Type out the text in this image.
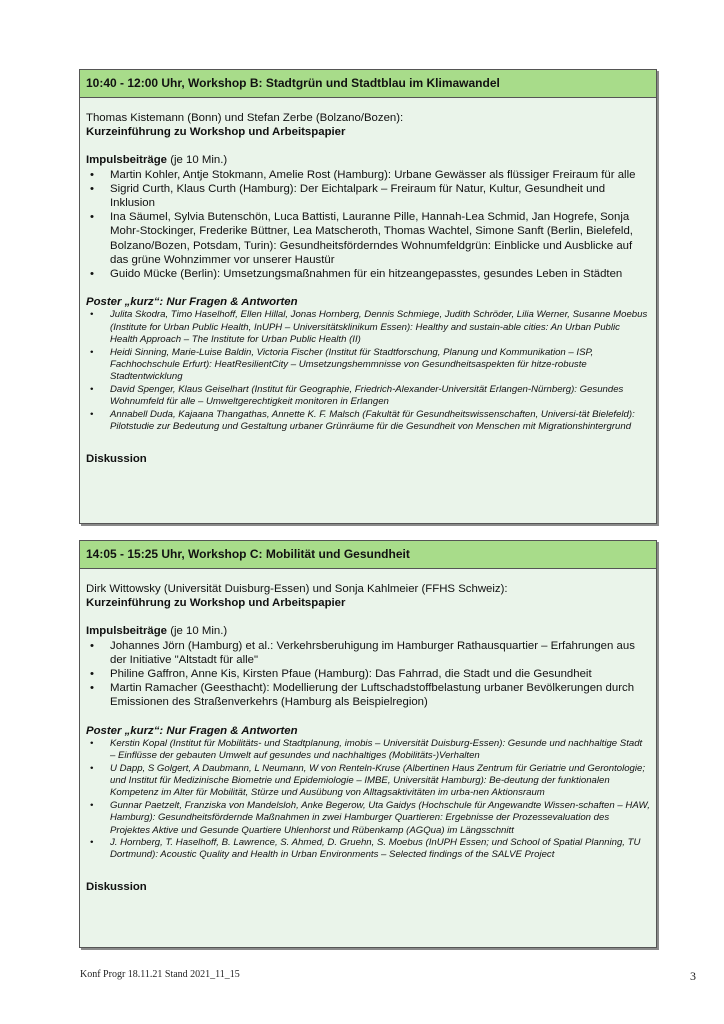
10:40 - 12:00 Uhr, Workshop B: Stadtgrün und Stadtblau im Klimawandel

Thomas Kistemann (Bonn) und Stefan Zerbe (Bolzano/Bozen):

Kurzeinführung zu Workshop und Arbeitspapier

Impulsbeiträge (je 10 Min.)

• Martin Kohler, Antje Stokmann, Amelie Rost (Hamburg): Urbane Gewässer als flüssiger Freiraum für alle
• Sigrid Curth, Klaus Curth (Hamburg): Der Eichtalpark – Freiraum für Natur, Kultur, Gesundheit und Inklusion
• Ina Säumel, Sylvia Butenschön, Luca Battisti, Lauranne Pille, Hannah-Lea Schmid, Jan Hogrefe, Sonja Mohr-Stockinger, Frederike Büttner, Lea Matscheroth, Thomas Wachtel, Simone Sanft (Berlin, Bielefeld, Bolzano/Bozen, Potsdam, Turin): Gesundheitsförderndes Wohnumfeldgrün: Einblicke und Ausblicke auf das grüne Wohnzimmer vor unserer Haustür
• Guido Mücke (Berlin): Umsetzungsmaßnahmen für ein hitzeangepasstes, gesundes Leben in Städten

Poster „kurz“: Nur Fragen & Antworten

• Julita Skodra, Timo Haselhoff, Ellen Hillal, Jonas Hornberg, Dennis Schmiege, Judith Schröder, Lilia Werner, Susanne Moebus (Institute for Urban Public Health, InUPH – Universitätsklinikum Essen): Healthy and sustain-able cities: An Urban Public Health Approach – The Institute for Urban Public Health (II)
• Heidi Sinning, Marie-Luise Baldin, Victoria Fischer (Institut für Stadtforschung, Planung und Kommunikation – ISP, Fachhochschule Erfurt): HeatResilientCity – Umsetzungshemmnisse von Gesundheitsaspekten für hitze-robuste Stadtentwicklung
• David Spenger, Klaus Geiselhart (Institut für Geographie, Friedrich-Alexander-Universität Erlangen-Nürnberg): Gesundes Wohnumfeld für alle – Umweltgerechtigkeit monitoren in Erlangen
• Annabell Duda, Kajaana Thangathas, Annette K. F. Malsch (Fakultät für Gesundheitswissenschaften, Universi-tät Bielefeld): Pilotstudie zur Bedeutung und Gestaltung urbaner Grünräume für die Gesundheit von Menschen mit Migrationshintergrund

Diskussion

14:05 - 15:25 Uhr, Workshop C: Mobilität und Gesundheit

Dirk Wittowsky (Universität Duisburg-Essen) und Sonja Kahlmeier (FFHS Schweiz):

Kurzeinführung zu Workshop und Arbeitspapier

Impulsbeiträge (je 10 Min.)

• Johannes Jörn (Hamburg) et al.: Verkehrsberuhigung im Hamburger Rathausquartier – Erfahrungen aus der Initiative "Altstadt für alle"
• Philine Gaffron, Anne Kis, Kirsten Pfaue (Hamburg): Das Fahrrad, die Stadt und die Gesundheit
• Martin Ramacher (Geesthacht): Modellierung der Luftschadstoffbelastung urbaner Bevölkerungen durch Emissionen des Straßenverkehrs (Hamburg als Beispielregion)

Poster „kurz“: Nur Fragen & Antworten

• Kerstin Kopal (Institut für Mobilitäts- und Stadtplanung, imobis – Universität Duisburg-Essen): Gesunde und nachhaltige Stadt – Einflüsse der gebauten Umwelt auf gesundes und nachhaltiges (Mobilitäts-)Verhalten
• U Dapp, S Golgert, A Daubmann, L Neumann, W von Renteln-Kruse (Albertinen Haus Zentrum für Geriatrie und Gerontologie; und Institut für Medizinische Biometrie und Epidemiologie – IMBE, Universität Hamburg): Be-deutung der funktionalen Kompetenz im Alter für Mobilität, Stürze und Ausübung von Alltagsaktivitäten im urba-nen Aktionsraum
• Gunnar Paetzelt, Franziska von Mandelsloh, Anke Begerow, Uta Gaidys (Hochschule für Angewandte Wissen-schaften – HAW, Hamburg): Gesundheitsfördernde Maßnahmen in zwei Hamburger Quartieren: Ergebnisse der Prozessevaluation des Projektes Aktive und Gesunde Quartiere Uhlenhorst und Rübenkamp (AGQua) im Längsschnitt
• J. Hornberg, T. Haselhoff, B. Lawrence, S. Ahmed, D. Gruehn, S. Moebus (InUPH Essen; und School of Spatial Planning, TU Dortmund): Acoustic Quality and Health in Urban Environments – Selected findings of the SALVE Project

Diskussion

Konf Progr 18.11.21 Stand 2021_11_15	3
